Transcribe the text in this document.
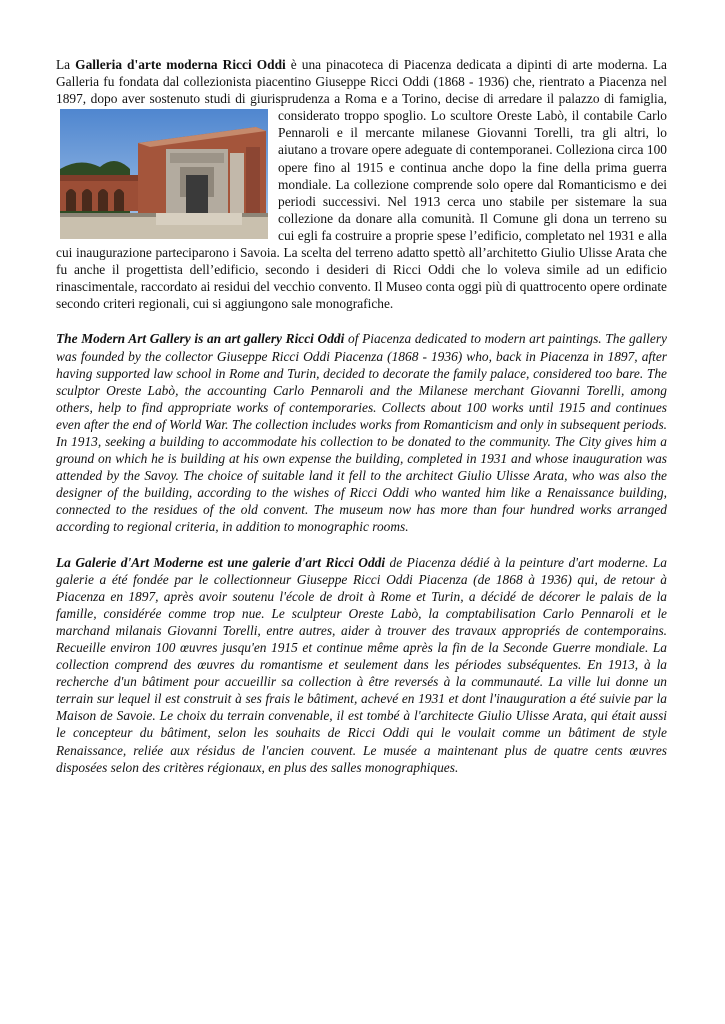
La Galleria d'arte moderna Ricci Oddi è una pinacoteca di Piacenza dedicata a dipinti di arte moderna. La Galleria fu fondata dal collezionista piacentino Giuseppe Ricci Oddi (1868 - 1936) che, rientrato a Piacenza nel 1897, dopo aver sostenuto studi di giurisprudenza a Roma e a Torino, decise di
arredare il palazzo di famiglia, considerato troppo spoglio. Lo scultore Oreste Labò, il contabile Carlo Pennaroli e il mercante milanese Giovanni Torelli, tra gli altri, lo aiutano a trovare opere adeguate di contemporanei. Colleziona circa 100 opere fino al 1915 e continua anche dopo la fine della prima guerra mondiale. La collezione comprende solo opere dal Romanticismo e dei periodi successivi. Nel 1913 cerca uno stabile per sistemare la sua collezione da donare alla comunità. Il Comune gli dona un terreno su cui egli fa costruire a proprie spese l’edificio, completato nel 1931 e alla cui inaugurazione parteciparono i Savoia. La scelta del terreno adatto spettò all’architetto Giulio Ulisse Arata che fu anche il progettista dell’edificio, secondo i desideri di Ricci Oddi che lo voleva simile ad un edificio rinascimentale, raccordato ai residui del vecchio convento. Il Museo conta oggi più di quattrocento opere ordinate secondo criteri regionali, cui si aggiungono sale monografiche.

The Modern Art Gallery is an art gallery Ricci Oddi of Piacenza dedicated to modern art paintings. The gallery was founded by the collector Giuseppe Ricci Oddi Piacenza (1868 - 1936) who, back in Piacenza in 1897, after having supported law school in Rome and Turin, decided to decorate the family palace, considered too bare. The sculptor Oreste Labò, the accounting Carlo Pennaroli and the Milanese merchant Giovanni Torelli, among others, help to find appropriate works of contemporaries. Collects about 100 works until 1915 and continues even after the end of World War. The collection includes works from Romanticism and only in subsequent periods. In 1913, seeking a building to accommodate his collection to be donated to the community. The City gives him a ground on which he is building at his own expense the building, completed in 1931 and whose inauguration was attended by the Savoy. The choice of suitable land it fell to the architect Giulio Ulisse Arata, who was also the designer of the building, according to the wishes of Ricci Oddi who wanted him like a Renaissance building, connected to the residues of the old convent. The museum now has more than four hundred works arranged according to regional criteria, in addition to monographic rooms.

La Galerie d'Art Moderne est une galerie d'art Ricci Oddi de Piacenza dédié à la peinture d'art moderne. La galerie a été fondée par le collectionneur Giuseppe Ricci Oddi Piacenza (de 1868 à 1936) qui, de retour à Piacenza en 1897, après avoir soutenu l'école de droit à Rome et Turin, a décidé de décorer le palais de la famille, considérée comme trop nue. Le sculpteur Oreste Labò, la comptabilisation Carlo Pennaroli et le marchand milanais Giovanni Torelli, entre autres, aider à trouver des travaux appropriés de contemporains. Recueille environ 100 œuvres jusqu'en 1915 et continue même après la fin de la Seconde Guerre mondiale. La collection comprend des œuvres du romantisme et seulement dans les périodes subséquentes. En 1913, à la recherche d'un bâtiment pour accueillir sa collection à être reversés à la communauté. La ville lui donne un terrain sur lequel il est construit à ses frais le bâtiment, achevé en 1931 et dont l'inauguration a été suivie par la Maison de Savoie. Le choix du terrain convenable, il est tombé à l'architecte Giulio Ulisse Arata, qui était aussi le concepteur du bâtiment, selon les souhaits de Ricci Oddi qui le voulait comme un bâtiment de style Renaissance, reliée aux résidus de l'ancien couvent. Le musée a maintenant plus de quatre cents œuvres disposées selon des critères régionaux, en plus des salles monographiques.
